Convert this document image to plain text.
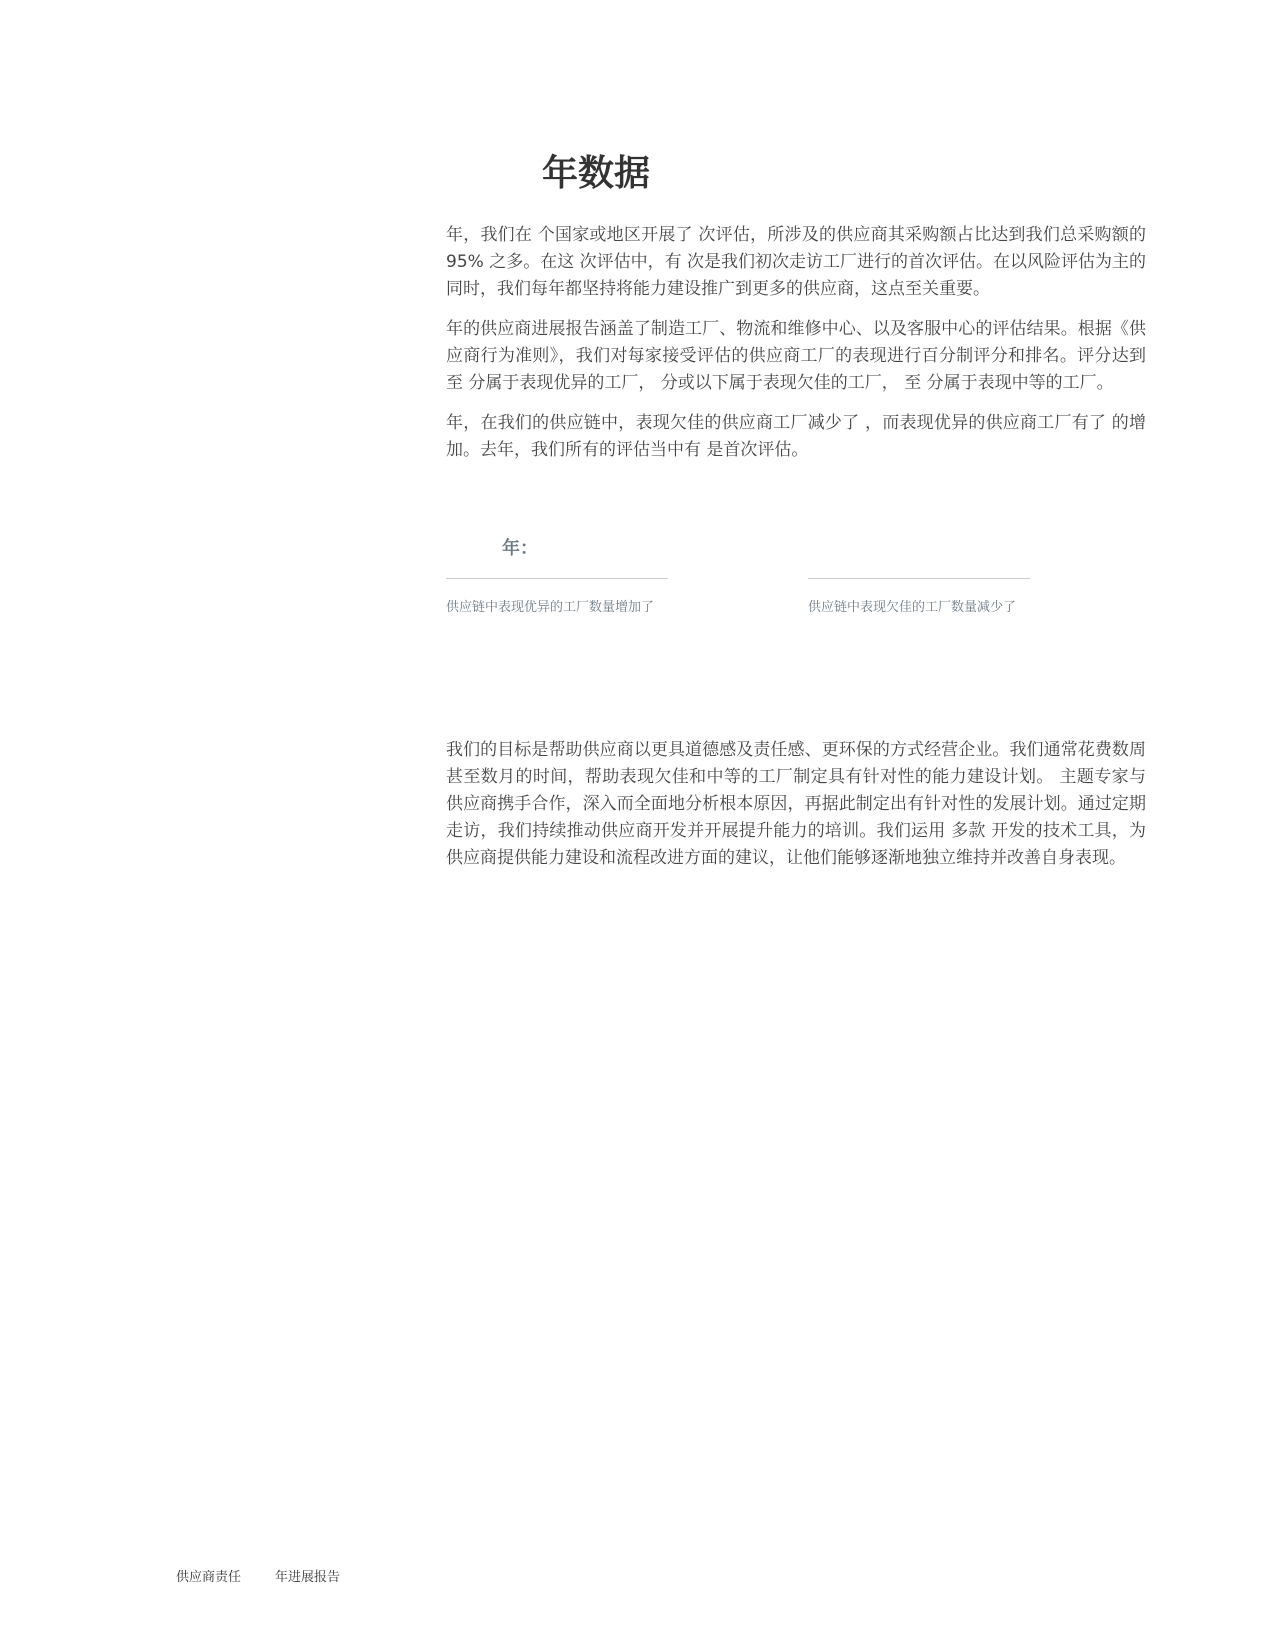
年数据

年，我们在 个国家或地区开展了 次评估，所涉及的供应商其采购额占比达到我们总采购额的 95% 之多。在这 次评估中，有 次是我们初次走访工厂进行的首次评估。在以风险评估为主的同时，我们每年都坚持将能力建设推广到更多的供应商，这点至关重要。

年的供应商进展报告涵盖了制造工厂、物流和维修中心、以及客服中心的评估结果。根据《供应商行为准则》，我们对每家接受评估的供应商工厂的表现进行百分制评分和排名。评分达到 至 分属于表现优异的工厂， 分或以下属于表现欠佳的工厂， 至 分属于表现中等的工厂。

年，在我们的供应链中，表现欠佳的供应商工厂减少了 ，而表现优异的供应商工厂有了 的增加。去年，我们所有的评估当中有 是首次评估。

年：

供应链中表现优异的工厂数量增加了	供应链中表现欠佳的工厂数量减少了

我们的目标是帮助供应商以更具道德感及责任感、更环保的方式经营企业。我们通常花费数周甚至数月的时间，帮助表现欠佳和中等的工厂制定具有针对性的能力建设计划。 主题专家与供应商携手合作，深入而全面地分析根本原因，再据此制定出有针对性的发展计划。通过定期走访，我们持续推动供应商开发并开展提升能力的培训。我们运用 多款 开发的技术工具，为供应商提供能力建设和流程改进方面的建议，让他们能够逐渐地独立维持并改善自身表现。

供应商责任	年进展报告
